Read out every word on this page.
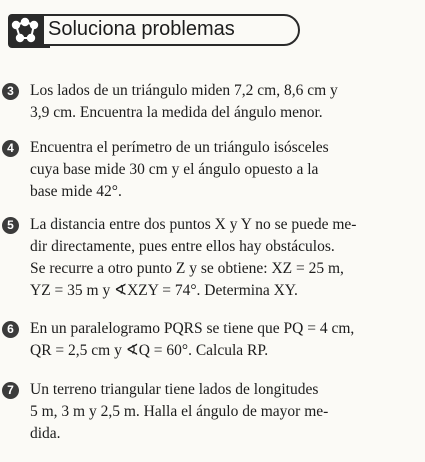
Soluciona problemas
3	Los lados de un triángulo miden 7,2 cm, 8,6 cm y
3,9 cm. Encuentra la medida del ángulo menor.

4	Encuentra el perímetro de un triángulo isósceles
cuya base mide 30 cm y el ángulo opuesto a la
base mide 42°.

5	La distancia entre dos puntos X y Y no se puede me-
dir directamente, pues entre ellos hay obstáculos.
Se recurre a otro punto Z y se obtiene: XZ = 25 m,
YZ = 35 m y ∢XZY = 74°. Determina XY.

6	En un paralelogramo PQRS se tiene que PQ = 4 cm,
QR = 2,5 cm y ∢Q = 60°. Calcula RP.

7	Un terreno triangular tiene lados de longitudes
5 m, 3 m y 2,5 m. Halla el ángulo de mayor me-
dida.
